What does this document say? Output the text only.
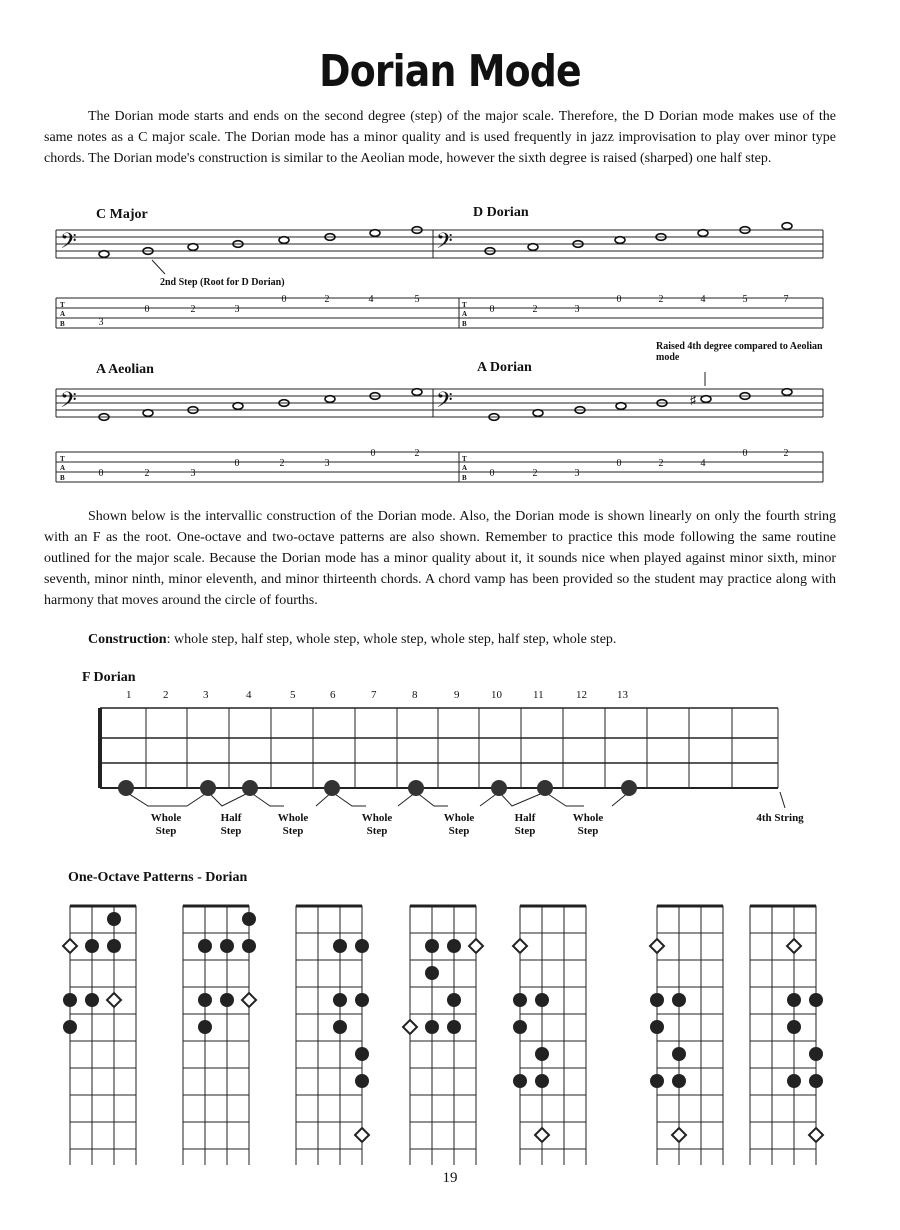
Dorian Mode

The Dorian mode starts and ends on the second degree (step) of the major scale. Therefore, the D Dorian mode makes use of the same notes as a C major scale. The Dorian mode has a minor quality and is used frequently in jazz improvisation to play over minor type chords. The Dorian mode's construction is similar to the Aeolian mode, however the sixth degree is raised (sharped) one half step.

C Major	D Dorian
2nd Step (Root for D Dorian)
A Aeolian	A Dorian
Raised 4th degree compared to Aeolian mode
𝄢	𝄢
𝄢	𝄢
T
A
B
T
A
B
T
A
B
T
A
B
♯
3
0	2	3
0	2	4	5
0	2	3
0	2	4	5	7
0	2	3
0	2	3
0	2
0	2	3
0	2	4
0	2

Shown below is the intervallic construction of the Dorian mode. Also, the Dorian mode is shown linearly on only the fourth string with an F as the root. One-octave and two-octave patterns are also shown. Remember to practice this mode following the same routine outlined for the major scale. Because the Dorian mode has a minor quality about it, it sounds nice when played against minor sixth, minor seventh, minor ninth, minor eleventh, and minor thirteenth chords. A chord vamp has been provided so the student may practice along with harmony that moves around the circle of fourths.

Construction: whole step, half step, whole step, whole step, whole step, half step, whole step.
F Dorian
1	2	3	4	5	6	7	8	9	10	11	12	13
Whole
Step
Half
Step
Whole
Step
Whole
Step
Whole
Step
Half
Step
Whole
Step
4th String
One-Octave Patterns - Dorian
19
